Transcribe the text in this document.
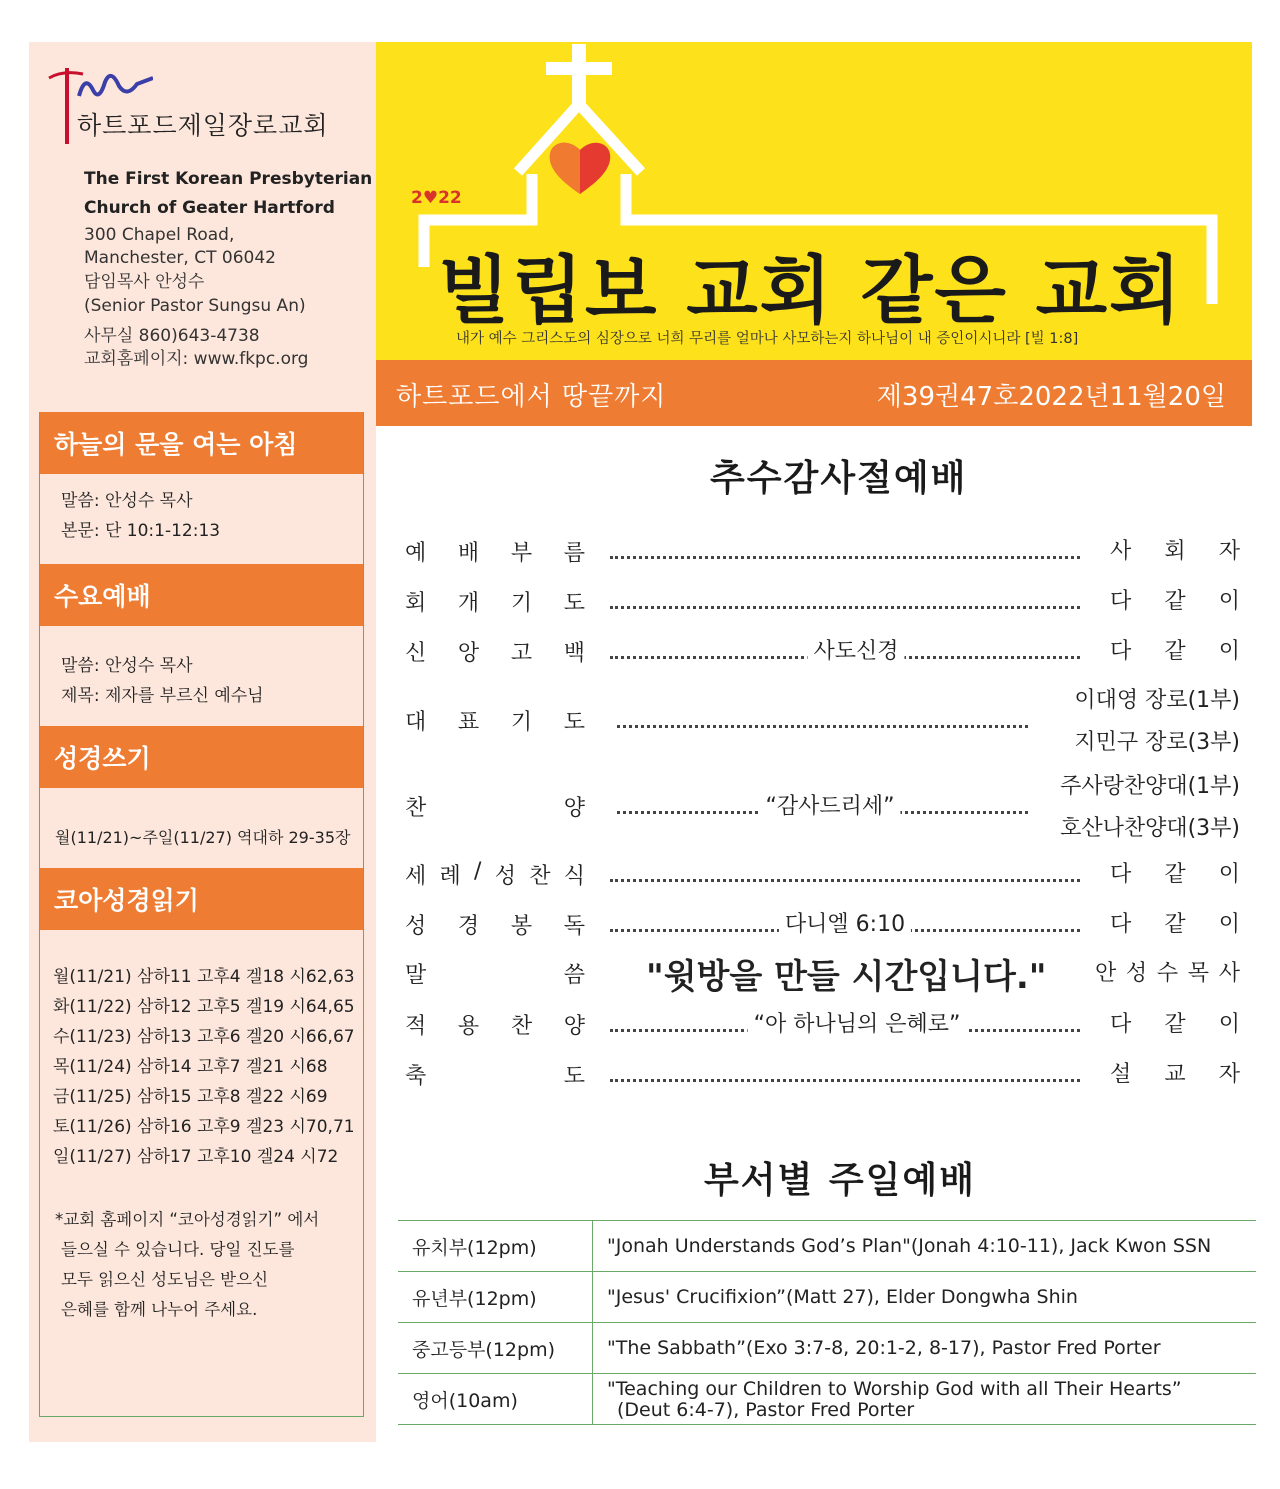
하트포드제일장로교회
The First Korean Presbyterian
Church of Geater Hartford
300 Chapel Road,
Manchester, CT 06042
담임목사 안성수
(Senior Pastor Sungsu An)
사무실 860)643-4738
교회홈페이지: www.fkpc.org
하늘의 문을 여는 아침
말씀: 안성수 목사
본문: 단 10:1-12:13
수요예배
말씀: 안성수 목사
제목: 제자를 부르신 예수님
성경쓰기
월(11/21)~주일(11/27) 역대하 29-35장
코아성경읽기
월(11/21) 삼하11 고후4 겔18 시62,63
화(11/22) 삼하12 고후5 겔19 시64,65
수(11/23) 삼하13 고후6 겔20 시66,67
목(11/24) 삼하14 고후7 겔21 시68
금(11/25) 삼하15 고후8 겔22 시69
토(11/26) 삼하16 고후9 겔23 시70,71
일(11/27) 삼하17 고후10 겔24 시72
*교회 홈페이지 “코아성경읽기” 에서
들으실 수 있습니다. 당일 진도를
모두 읽으신 성도님은 받으신
은혜를 함께 나누어 주세요.
2♥22
빌립보 교회 같은 교회
내가 예수 그리스도의 심장으로 너희 무리를 얼마나 사모하는지 하나님이 내 증인이시니라 [빌 1:8]
하트포드에서 땅끝까지	제39권47호2022년11월20일
추수감사절예배
예 배 부 름	사 회 자
회 개 기 도	다 같 이
신 앙 고 백	사도신경	다 같 이
대 표 기 도
이대영 장로(1부)
지민구 장로(3부)
찬	양	“감사드리세”
주사랑찬양대(1부)
호산나찬양대(3부)
세 례 / 성 찬 식	다 같 이
성 경 봉 독	다니엘 6:10	다 같 이
말	씀 "윗방을 만들 시간입니다." 안 성 수 목 사
적 용 찬 양	“아 하나님의 은혜로”	다 같 이
축	도	설 교 자
부서별 주일예배
유치부(12pm)	"Jonah Understands God’s Plan"(Jonah 4:10-11), Jack Kwon SSN

유년부(12pm)	"Jesus' Crucifixion”(Matt 27), Elder Dongwha Shin

중고등부(12pm)	"The Sabbath”(Exo 3:7-8, 20:1-2, 8-17), Pastor Fred Porter

영어(10am)	"Teaching our Children to Worship God with all Their Hearts”
(Deut 6:4-7), Pastor Fred Porter
